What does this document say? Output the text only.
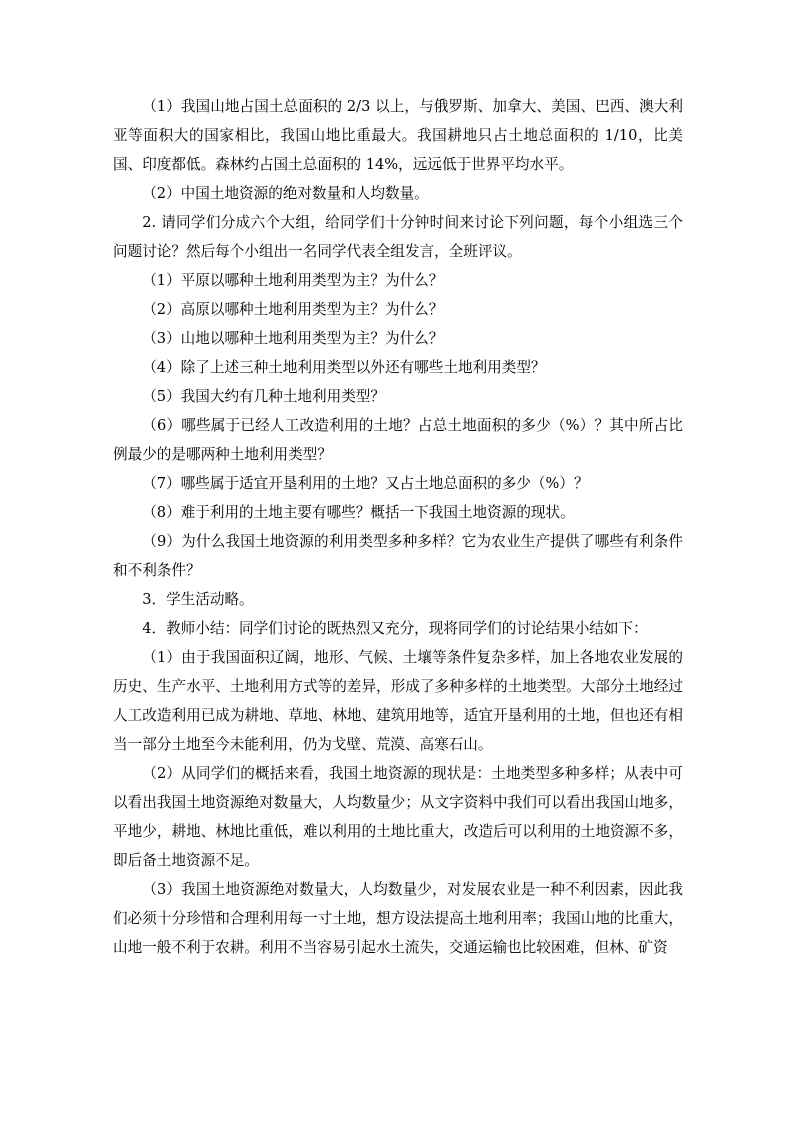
（1）我国山地占国土总面积的 2/3 以上，与俄罗斯、加拿大、美国、巴西、澳大利亚等面积大的国家相比，我国山地比重最大。我国耕地只占土地总面积的 1/10，比美国、印度都低。森林约占国土总面积的 14%，远远低于世界平均水平。

（2）中国土地资源的绝对数量和人均数量。

2. 请同学们分成六个大组，给同学们十分钟时间来讨论下列问题，每个小组选三个问题讨论？然后每个小组出一名同学代表全组发言，全班评议。

（1）平原以哪种土地利用类型为主？为什么？

（2）高原以哪种土地利用类型为主？为什么？

（3）山地以哪种土地利用类型为主？为什么？

（4）除了上述三种土地利用类型以外还有哪些土地利用类型？

（5）我国大约有几种土地利用类型？

（6）哪些属于已经人工改造利用的土地？占总土地面积的多少（%）？其中所占比例最少的是哪两种土地利用类型？

（7）哪些属于适宜开垦利用的土地？又占土地总面积的多少（%）？

（8）难于利用的土地主要有哪些？概括一下我国土地资源的现状。

（9）为什么我国土地资源的利用类型多种多样？它为农业生产提供了哪些有利条件和不利条件？

3．学生活动略。

4．教师小结：同学们讨论的既热烈又充分，现将同学们的讨论结果小结如下：

（1）由于我国面积辽阔，地形、气候、土壤等条件复杂多样，加上各地农业发展的历史、生产水平、土地利用方式等的差异，形成了多种多样的土地类型。大部分土地经过人工改造利用已成为耕地、草地、林地、建筑用地等，适宜开垦利用的土地，但也还有相当一部分土地至今未能利用，仍为戈壁、荒漠、高寒石山。

（2）从同学们的概括来看，我国土地资源的现状是：土地类型多种多样；从表中可以看出我国土地资源绝对数量大，人均数量少；从文字资料中我们可以看出我国山地多，平地少，耕地、林地比重低，难以利用的土地比重大，改造后可以利用的土地资源不多，即后备土地资源不足。

（3）我国土地资源绝对数量大，人均数量少，对发展农业是一种不利因素，因此我们必须十分珍惜和合理利用每一寸土地，想方设法提高土地利用率；我国山地的比重大，山地一般不利于农耕。利用不当容易引起水土流失，交通运输也比较困难，但林、矿资
